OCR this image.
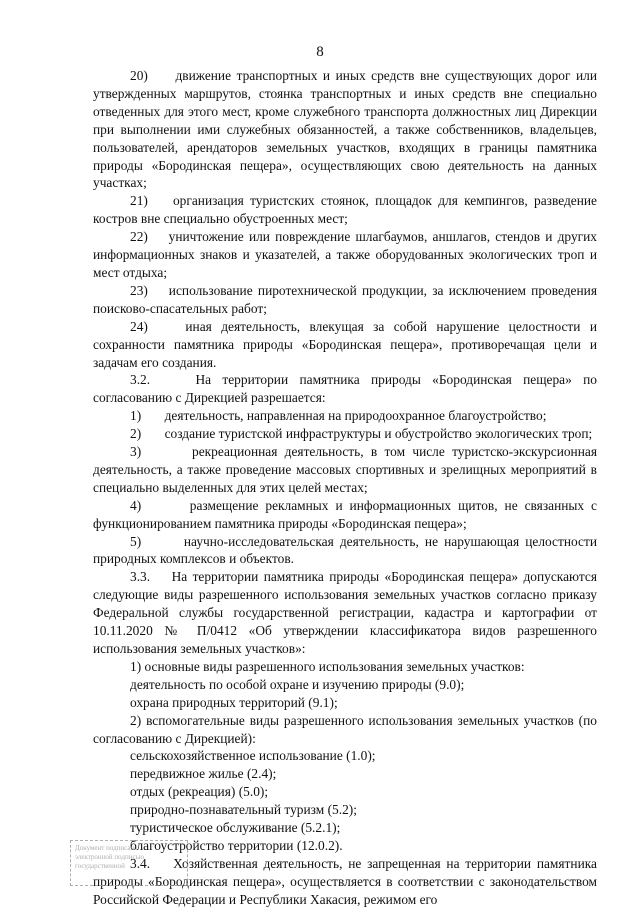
8

20)     движение транспортных и иных средств вне существующих дорог или утвержденных маршрутов, стоянка транспортных и иных средств вне специально отведенных для этого мест, кроме служебного транспорта должностных лиц Дирекции при выполнении ими служебных обязанностей, а также собственников, владельцев, пользователей, арендаторов земельных участков, входящих в границы памятника природы «Бородинская пещера», осуществляющих свою деятельность на данных участках;

21)    организация туристских стоянок, площадок для кемпингов, разведение костров вне специально обустроенных мест;

22)    уничтожение или повреждение шлагбаумов, аншлагов, стендов и других информационных знаков и указателей, а также оборудованных экологических троп и мест отдыха;

23)    использование пиротехнической продукции, за исключением проведения поисково-спасательных работ;

24)    иная деятельность, влекущая за собой нарушение целостности и сохранности памятника природы «Бородинская пещера», противоречащая цели и задачам его создания.

3.2.    На территории памятника природы «Бородинская пещера» по согласованию с Дирекцией разрешается:

1)       деятельность, направленная на природоохранное благоустройство;

2)       создание туристской инфраструктуры и обустройство экологических троп;

3)       рекреационная деятельность, в том числе туристско-экскурсионная деятельность, а также проведение массовых спортивных и зрелищных мероприятий в специально выделенных для этих целей местах;

4)       размещение рекламных и информационных щитов, не связанных с функционированием памятника природы «Бородинская пещера»;

5)       научно-исследовательская деятельность, не нарушающая целостности природных комплексов и объектов.

3.3.    На территории памятника природы «Бородинская пещера» допускаются следующие виды разрешенного использования земельных участков согласно приказу Федеральной службы государственной регистрации, кадастра и картографии от 10.11.2020 № П/0412 «Об утверждении классификатора видов разрешенного использования земельных участков»:

1) основные виды разрешенного использования земельных участков:

деятельность по особой охране и изучению природы (9.0);

охрана природных территорий (9.1);

2) вспомогательные виды разрешенного использования земельных участков (по согласованию с Дирекцией):

сельскохозяйственное использование (1.0);

передвижное жилье (2.4);

отдых (рекреация) (5.0);

природно-познавательный туризм (5.2);

туристическое обслуживание (5.2.1);

благоустройство территории (12.0.2).

3.4.    Хозяйственная деятельность, не запрещенная на территории памятника природы «Бородинская пещера», осуществляется в соответствии с законодательством Российской Федерации и Республики Хакасия, режимом его

Документ подписан
электронной подписью
государственной
